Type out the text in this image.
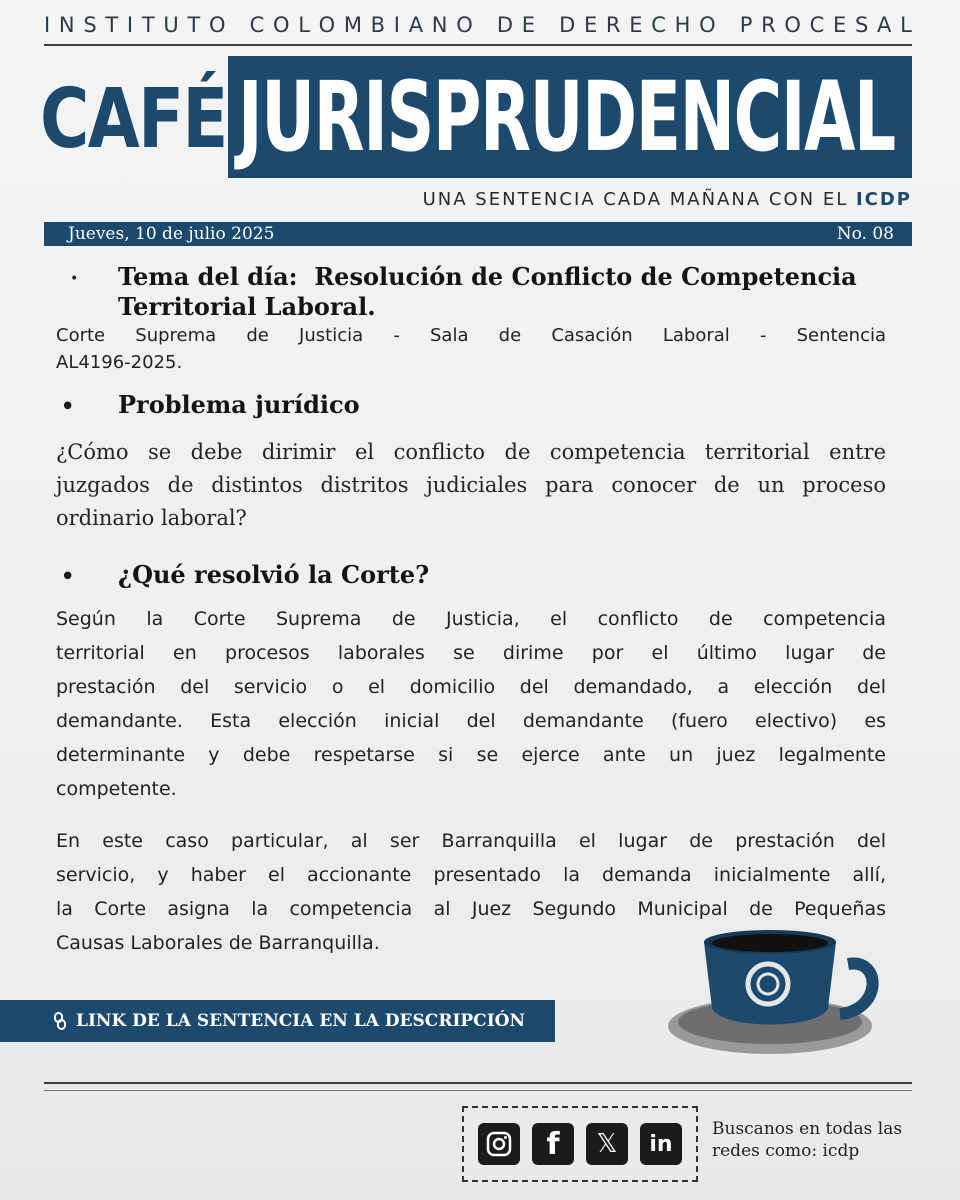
I N S T I T U T O
C O L O M B I A N O
D E
D E R E C H O
P R O C E S A L
CAFÉ JURISPRUDENCIAL
UNA SENTENCIA CADA MAÑANA CON EL ICDP
Jueves, 10 de julio 2025	No. 08
•	Tema del día: Resolución de Conflicto de Competencia
Territorial Laboral.
Corte Suprema de Justicia - Sala de Casación Laboral - Sentencia
AL4196-2025.
•	Problema jurídico
¿Cómo se debe dirimir el conflicto de competencia territorial entre
juzgados de distintos distritos judiciales para conocer de un proceso
ordinario laboral?
•	¿Qué resolvió la Corte?
Según la Corte Suprema de Justicia, el conflicto de competencia
territorial en procesos laborales se dirime por el último lugar de
prestación del servicio o el domicilio del demandado, a elección del
demandante. Esta elección inicial del demandante (fuero electivo) es
determinante y debe respetarse si se ejerce ante un juez legalmente
competente.
En este caso particular, al ser Barranquilla el lugar de prestación del
servicio, y haber el accionante presentado la demanda inicialmente allí,
la Corte asigna la competencia al Juez Segundo Municipal de Pequeñas
Causas Laborales de Barranquilla.
LINK DE LA SENTENCIA EN LA DESCRIPCIÓN
f	𝕏	in
Buscanos en todas las
redes como: icdp
